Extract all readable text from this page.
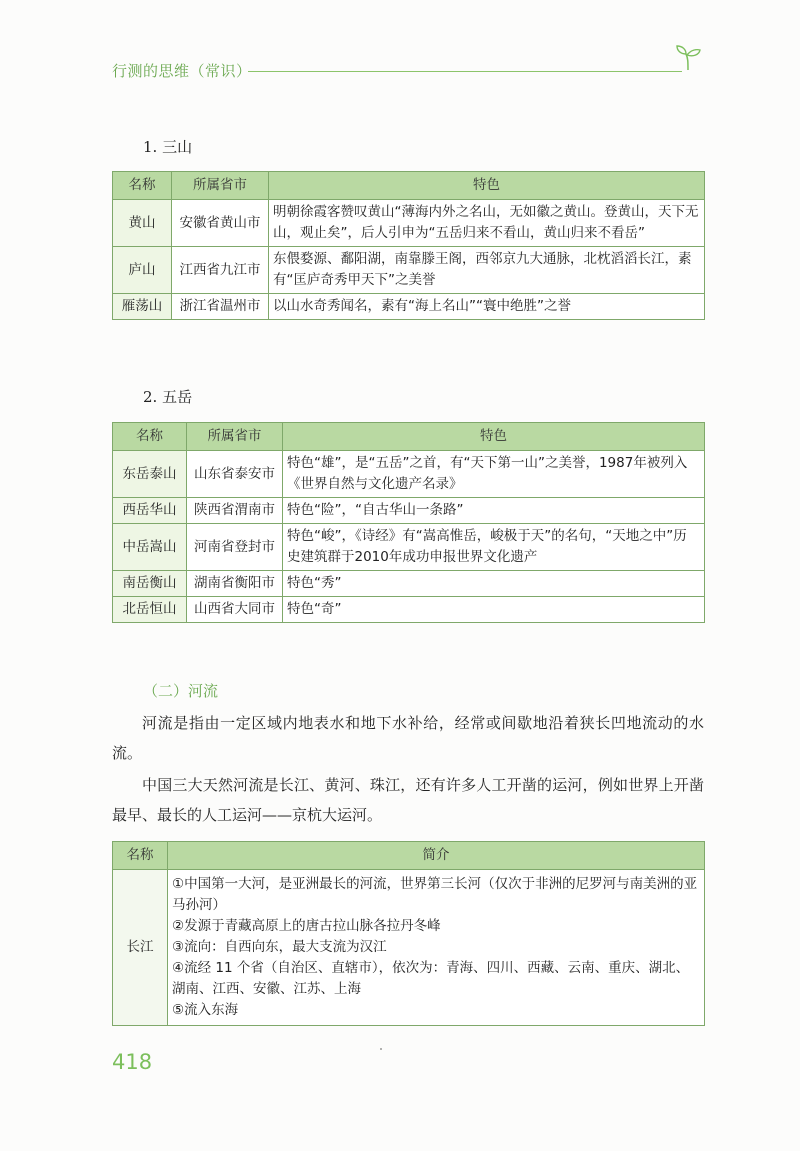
行测的思维（常识）
1. 三山
名称	所属省市	特色
黄山	安徽省黄山市	明朝徐霞客赞叹黄山“薄海内外之名山，无如徽之黄山。登黄山，天下无山，观止矣”，后人引申为“五岳归来不看山，黄山归来不看岳”
庐山	江西省九江市	东偎婺源、鄱阳湖，南靠滕王阁，西邻京九大通脉，北枕滔滔长江，素有“匡庐奇秀甲天下”之美誉
雁荡山	浙江省温州市	以山水奇秀闻名，素有“海上名山”“寰中绝胜”之誉
2. 五岳
名称	所属省市	特色
东岳泰山	山东省泰安市	特色“雄”，是“五岳”之首，有“天下第一山”之美誉，1987年被列入《世界自然与文化遗产名录》
西岳华山	陕西省渭南市	特色“险”，“自古华山一条路”
中岳嵩山	河南省登封市	特色“峻”，《诗经》有“嵩高惟岳，峻极于天”的名句，“天地之中”历史建筑群于2010年成功申报世界文化遗产
南岳衡山	湖南省衡阳市	特色“秀”
北岳恒山	山西省大同市	特色“奇”
（二）河流
河流是指由一定区域内地表水和地下水补给，经常或间歇地沿着狭长凹地流动的水流。
中国三大天然河流是长江、黄河、珠江，还有许多人工开凿的运河，例如世界上开凿最早、最长的人工运河——京杭大运河。
名称	简介
长江	①中国第一大河，是亚洲最长的河流，世界第三长河（仅次于非洲的尼罗河与南美洲的亚马孙河）
②发源于青藏高原上的唐古拉山脉各拉丹冬峰
③流向：自西向东，最大支流为汉江
④流经 11 个省（自治区、直辖市），依次为：青海、四川、西藏、云南、重庆、湖北、湖南、江西、安徽、江苏、上海
⑤流入东海
418
